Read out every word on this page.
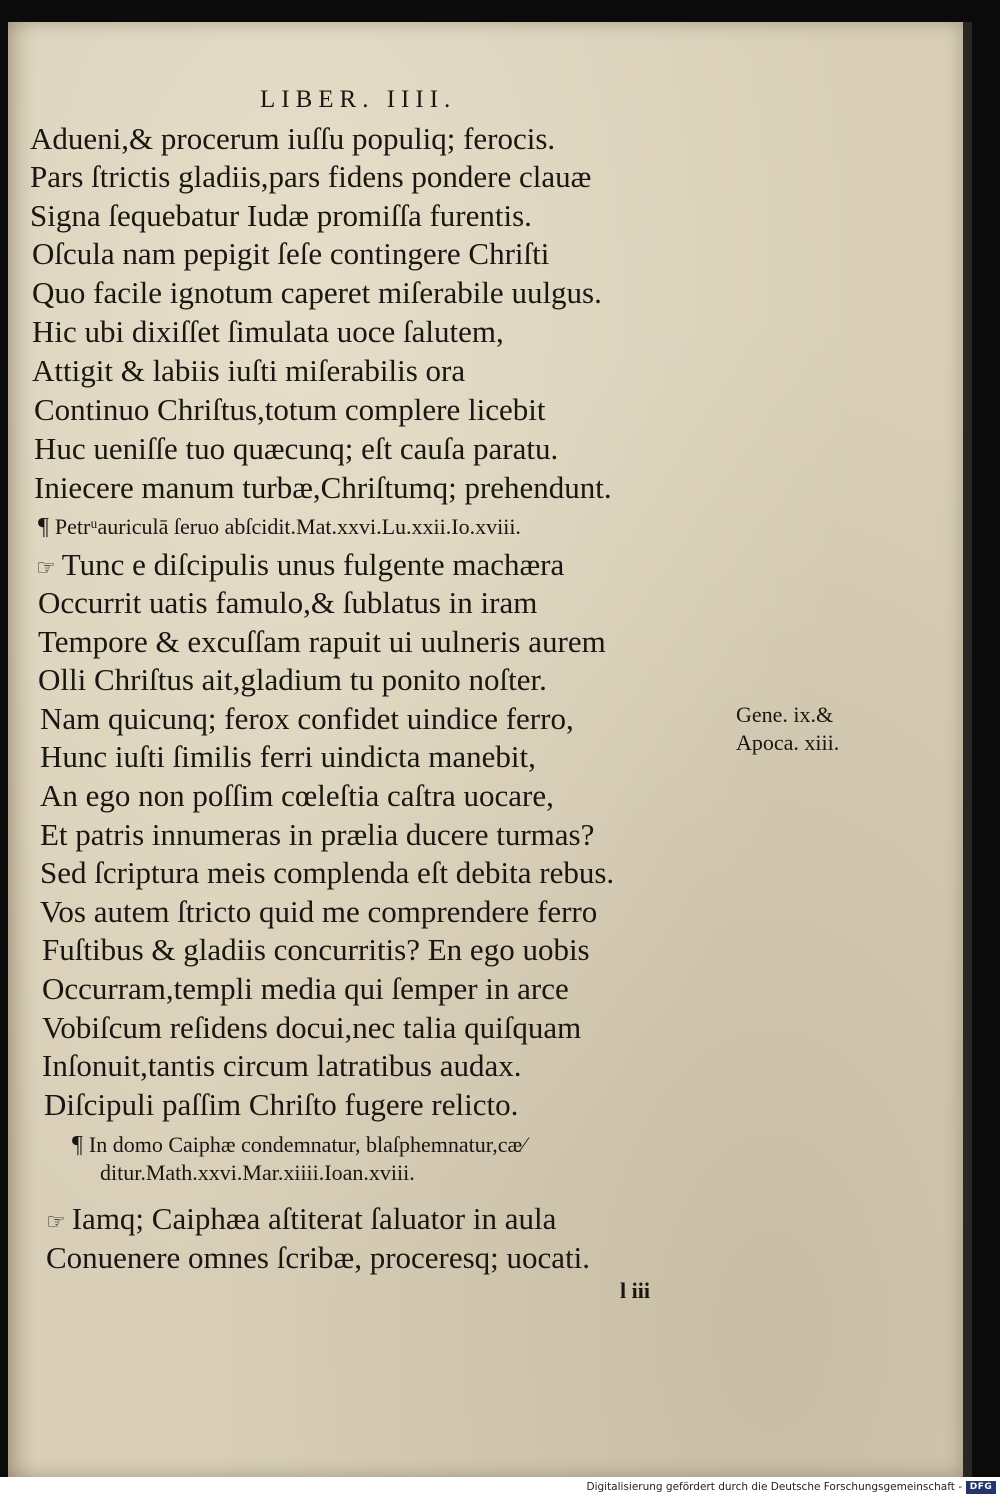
LIBER. IIII.
Adueni,& procerum iuſſu populiq; ferocis.
Pars ſtrictis gladiis,pars fidens pondere clauæ
Signa ſequebatur Iudæ promiſſa furentis.
Oſcula nam pepigit ſeſe contingere Chriſti
Quo facile ignotum caperet miſerabile uulgus.
Hic ubi dixiſſet ſimulata uoce ſalutem,
Attigit & labiis iuſti miſerabilis ora
Continuo Chriſtus,totum complere licebit
Huc ueniſſe tuo quæcunq; eſt cauſa paratu.
Iniecere manum turbæ,Chriſtumq; prehendunt.
¶ Petrᵘauriculā ſeruo abſcidit.Mat.xxvi.Lu.xxii.Io.xviii.
☞ Tunc e diſcipulis unus fulgente machæra
Occurrit uatis famulo,& ſublatus in iram
Tempore & excuſſam rapuit ui uulneris aurem
Olli Chriſtus ait,gladium tu ponito noſter.
Nam quicunq; ferox confidet uindice ferro,
Hunc iuſti ſimilis ferri uindicta manebit,
An ego non poſſim cœleſtia caſtra uocare,
Et patris innumeras in prælia ducere turmas?
Sed ſcriptura meis complenda eſt debita rebus.
Vos autem ſtricto quid me comprendere ferro
Fuſtibus & gladiis concurritis? En ego uobis
Occurram,templi media qui ſemper in arce
Vobiſcum reſidens docui,nec talia quiſquam
Inſonuit,tantis circum latratibus audax.
Diſcipuli paſſim Chriſto fugere relicto.
Gene. ix.&
Apoca. xiii.
¶ In domo Caiphæ condemnatur, blaſphemnatur,cæ⁄
ditur.Math.xxvi.Mar.xiiii.Ioan.xviii.
☞ Iamq; Caiphæa aſtiterat ſaluator in aula
Conuenere omnes ſcribæ, proceresq; uocati.
l iii
Digitalisierung gefördert durch die Deutsche Forschungsgemeinschaft - DFG
